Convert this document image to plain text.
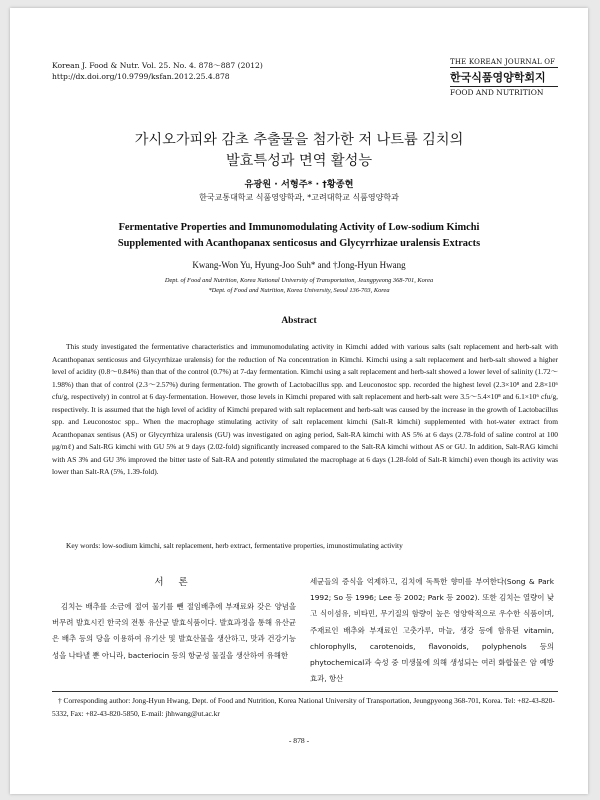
Korean J. Food & Nutr. Vol. 25. No. 4. 878～887 (2012)
http://dx.doi.org/10.9799/ksfan.2012.25.4.878
THE KOREAN JOURNAL OF
한국식품영양학회지
FOOD AND NUTRITION
가시오가피와 감초 추출물을 첨가한 저 나트륨 김치의
발효특성과 면역 활성능
유광원 · 서형주* · †황종현
한국교통대학교 식품영양학과, *고려대학교 식품영양학과
Fermentative Properties and Immunomodulating Activity of Low-sodium Kimchi
Supplemented with Acanthopanax senticosus and Glycyrrhizae uralensis Extracts
Kwang-Won Yu, Hyung-Joo Suh* and †Jong-Hyun Hwang
Dept. of Food and Nutrition, Korea National University of Transportation, Jeungpyeong 368-701, Korea
*Dept. of Food and Nutrition, Korea University, Seoul 136-703, Korea
Abstract

This study investigated the fermentative characteristics and immunomodulating activity in Kimchi added with various salts (salt replacement and herb-salt with Acanthopanax senticosus and Glycyrrhizae uralensis) for the reduction of Na concentration in Kimchi. Kimchi using a salt replacement and herb-salt showed a higher level of acidity (0.8～0.84%) than that of the control (0.7%) at 7-day fermentation. Kimchi using a salt replacement and herb-salt showed a lower level of salinity (1.72～1.98%) than that of control (2.3～2.57%) during fermentation. The growth of Lactobacillus spp. and Leuconostoc spp. recorded the highest level (2.3×10⁸ and 2.8×10⁶ cfu/g, respectively) in control at 6 day-fermentation. However, those levels in Kimchi prepared with salt replacement and herb-salt were 3.5～5.4×10⁸ and 6.1×10⁶ cfu/g, respectively. It is assumed that the high level of acidity of Kimchi prepared with salt replacement and herb-salt was caused by the increase in the growth of Lactobacillus spp. and Leuconostoc spp.. When the macrophage stimulating activity of salt replacement kimchi (Salt-R kimchi) supplemented with hot-water extract from Acanthopanax sentisus (AS) or Glycyrrhiza uralensis (GU) was investigated on aging period, Salt-RA kimchi with AS 5% at 6 days (2.78-fold of saline control at 100 μg/mℓ) and Salt-RG kimchi with GU 5% at 9 days (2.02-fold) significantly increased compared to the Salt-RA kimchi without AS or GU. In addition, Salt-RAG kimchi with AS 3% and GU 3% improved the bitter taste of Salt-RA and potently stimulated the macrophage at 6 days (1.28-fold of Salt-R kimchi) even though its activity was lower than Salt-RA (5%, 1.39-fold).

Key words: low-sodium kimchi, salt replacement, herb extract, fermentative properties, imunostimulating activity
서 론
김치는 배추를 소금에 절여 물기를 뺀 절임배추에 부재료와 갖은 양념을 버무려 발효시킨 한국의 전통 유산균 발효식품이다. 발효과정을 통해 유산균은 배추 등의 당을 이용하여 유기산 및 발효산물을 생산하고, 맛과 건강기능성을 나타낼 뿐 아니라, bacteriocin 등의 항균성 물질을 생산하여 유해한
세균들의 증식을 억제하고, 김치에 독특한 향미를 부여한다(Song & Park 1992; So 등 1996; Lee 등 2002; Park 등 2002). 또한 김치는 열량이 낮고 식이섬유, 비타민, 무기질의 함량이 높은 영양학적으로 우수한 식품이며, 주재료인 배추와 부재료인 고춧가루, 마늘, 생강 등에 함유된 vitamin, chlorophylls, carotenoids, flavonoids, polyphenols 등의 phytochemical과 숙성 중 미생물에 의해 생성되는 여러 화합물은 암 예방 효과, 항산
† Corresponding author: Jong-Hyun Hwang, Dept. of Food and Nutrition, Korea National University of Transportation, Jeungpyeong 368-701, Korea. Tel: +82-43-820-5332, Fax: +82-43-820-5850, E-mail: jhhwang@ut.ac.kr
- 878 -
